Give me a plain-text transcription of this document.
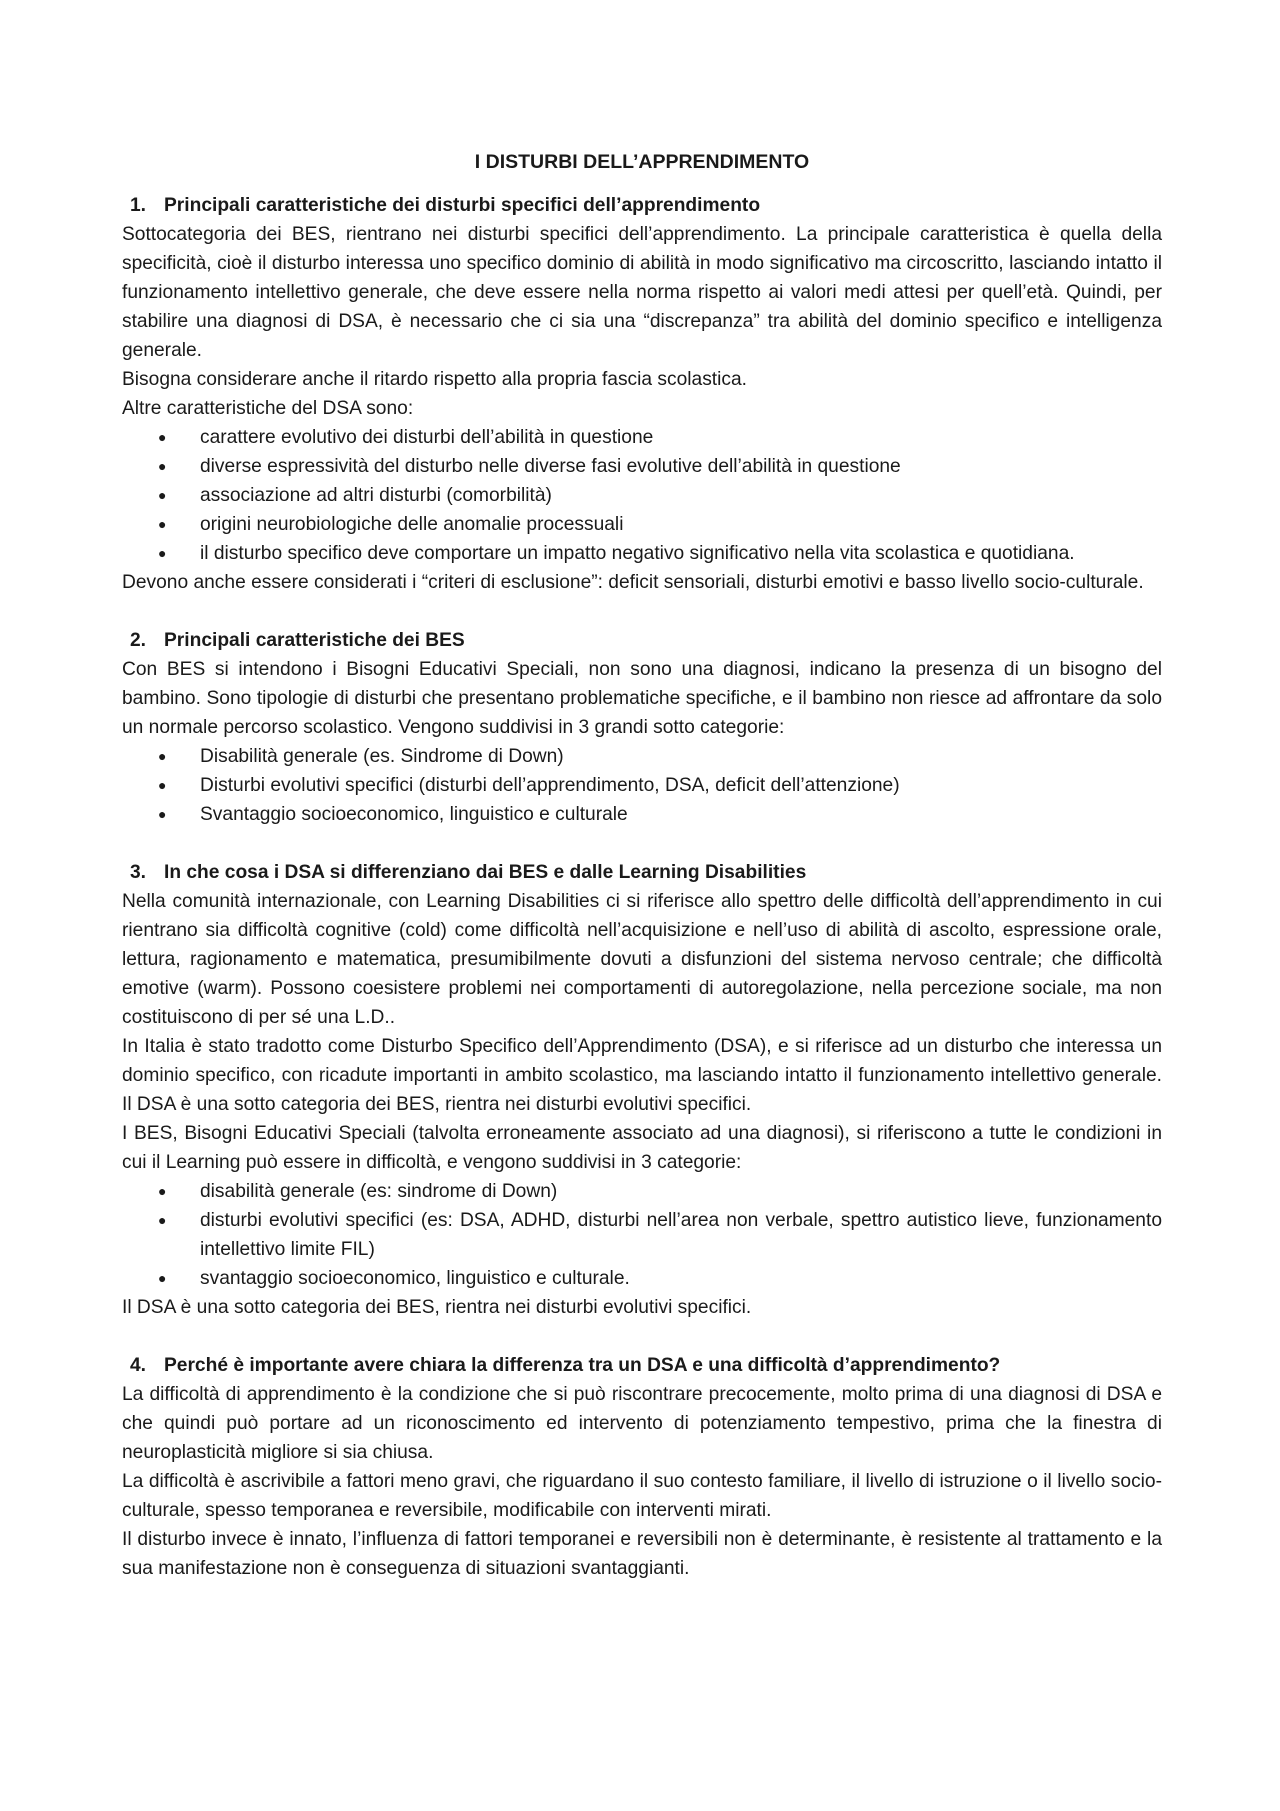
I DISTURBI DELL’APPRENDIMENTO
1. Principali caratteristiche dei disturbi specifici dell’apprendimento

Sottocategoria dei BES, rientrano nei disturbi specifici dell’apprendimento. La principale caratteristica è quella della specificità, cioè il disturbo interessa uno specifico dominio di abilità in modo significativo ma circoscritto, lasciando intatto il funzionamento intellettivo generale, che deve essere nella norma rispetto ai valori medi attesi per quell’età. Quindi, per stabilire una diagnosi di DSA, è necessario che ci sia una “discrepanza” tra abilità del dominio specifico e intelligenza generale.

Bisogna considerare anche il ritardo rispetto alla propria fascia scolastica.

Altre caratteristiche del DSA sono:

● carattere evolutivo dei disturbi dell’abilità in questione
● diverse espressività del disturbo nelle diverse fasi evolutive dell’abilità in questione
● associazione ad altri disturbi (comorbilità)
● origini neurobiologiche delle anomalie processuali
● il disturbo specifico deve comportare un impatto negativo significativo nella vita scolastica e quotidiana.

Devono anche essere considerati i “criteri di esclusione”: deficit sensoriali, disturbi emotivi e basso livello socio-culturale.

2. Principali caratteristiche dei BES

Con BES si intendono i Bisogni Educativi Speciali, non sono una diagnosi, indicano la presenza di un bisogno del bambino. Sono tipologie di disturbi che presentano problematiche specifiche, e il bambino non riesce ad affrontare da solo un normale percorso scolastico. Vengono suddivisi in 3 grandi sotto categorie:

● Disabilità generale (es. Sindrome di Down)
● Disturbi evolutivi specifici (disturbi dell’apprendimento, DSA, deficit dell’attenzione)
● Svantaggio socioeconomico, linguistico e culturale
3. In che cosa i DSA si differenziano dai BES e dalle Learning Disabilities

Nella comunità internazionale, con Learning Disabilities ci si riferisce allo spettro delle difficoltà dell’apprendimento in cui rientrano sia difficoltà cognitive (cold) come difficoltà nell’acquisizione e nell’uso di abilità di ascolto, espressione orale, lettura, ragionamento e matematica, presumibilmente dovuti a disfunzioni del sistema nervoso centrale; che difficoltà emotive (warm). Possono coesistere problemi nei comportamenti di autoregolazione, nella percezione sociale, ma non costituiscono di per sé una L.D..

In Italia è stato tradotto come Disturbo Specifico dell’Apprendimento (DSA), e si riferisce ad un disturbo che interessa un dominio specifico, con ricadute importanti in ambito scolastico, ma lasciando intatto il funzionamento intellettivo generale. Il DSA è una sotto categoria dei BES, rientra nei disturbi evolutivi specifici.

I BES, Bisogni Educativi Speciali (talvolta erroneamente associato ad una diagnosi), si riferiscono a tutte le condizioni in cui il Learning può essere in difficoltà, e vengono suddivisi in 3 categorie:

● disabilità generale (es: sindrome di Down)
● disturbi evolutivi specifici (es: DSA, ADHD, disturbi nell’area non verbale, spettro autistico lieve, funzionamento intellettivo limite FIL)
● svantaggio socioeconomico, linguistico e culturale.

Il DSA è una sotto categoria dei BES, rientra nei disturbi evolutivi specifici.

4. Perché è importante avere chiara la differenza tra un DSA e una difficoltà d’apprendimento?

La difficoltà di apprendimento è la condizione che si può riscontrare precocemente, molto prima di una diagnosi di DSA e che quindi può portare ad un riconoscimento ed intervento di potenziamento tempestivo, prima che la finestra di neuroplasticità migliore si sia chiusa.

La difficoltà è ascrivibile a fattori meno gravi, che riguardano il suo contesto familiare, il livello di istruzione o il livello socio-culturale, spesso temporanea e reversibile, modificabile con interventi mirati.

Il disturbo invece è innato, l’influenza di fattori temporanei e reversibili non è determinante, è resistente al trattamento e la sua manifestazione non è conseguenza di situazioni svantaggianti.
